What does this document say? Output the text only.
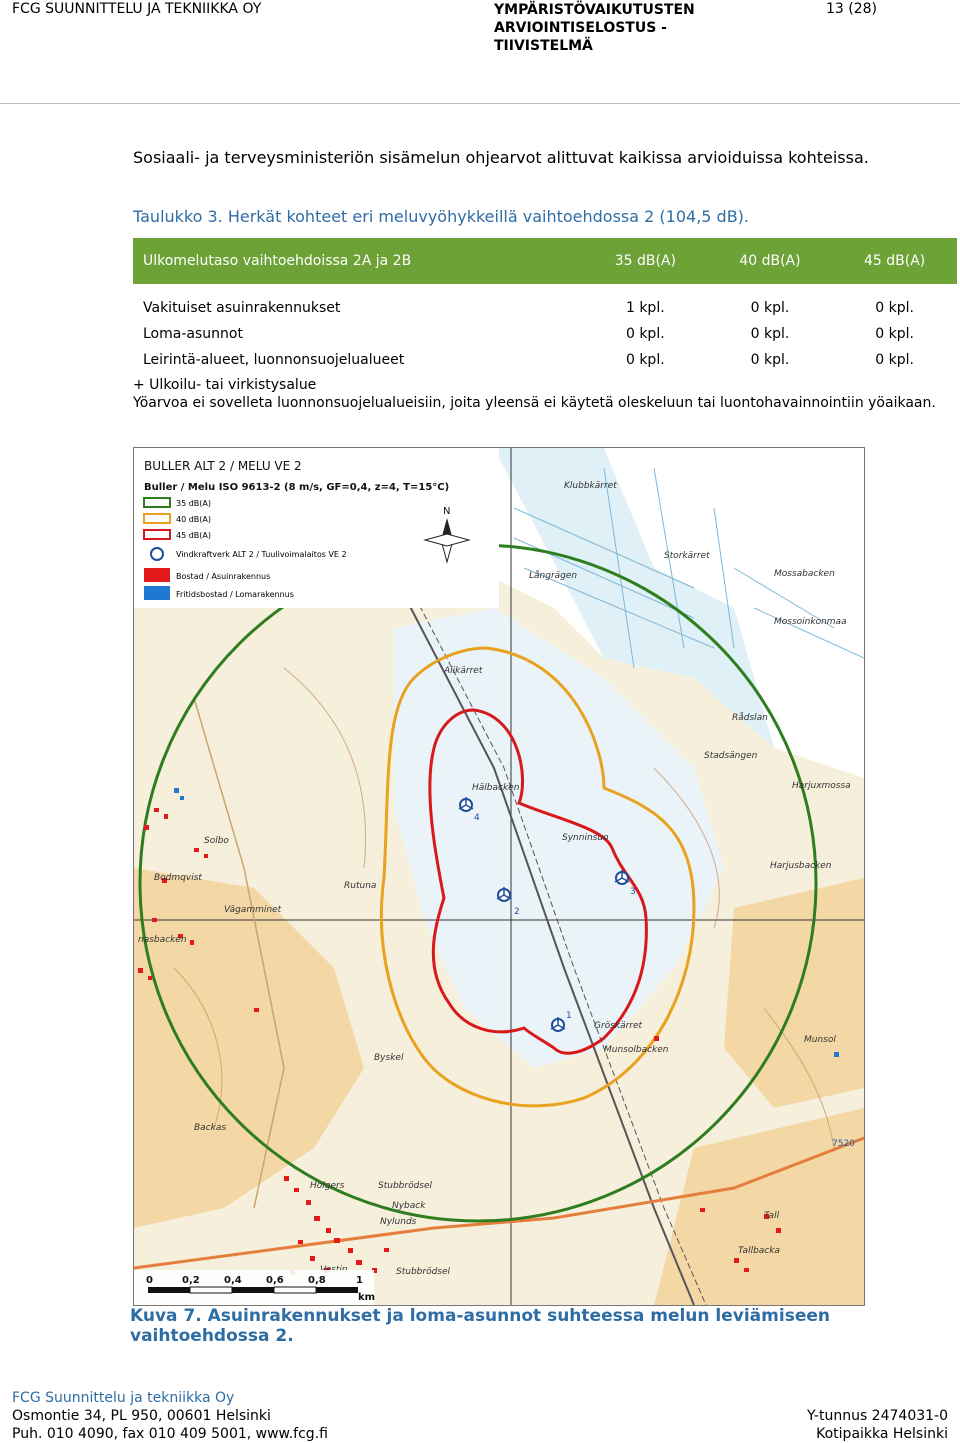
FCG SUUNNITTELU JA TEKNIIKKA OY	YMPÄRISTÖVAIKUTUSTEN
ARVIOINTISELOSTUS -
TIIVISTELMÄ
13 (28)
Sosiaali- ja terveysministeriön sisämelun ohjearvot alittuvat kaikissa arvioiduissa kohteissa.
Taulukko 3. Herkät kohteet eri meluvyöhykkeillä vaihtoehdossa 2 (104,5 dB).
Ulkomelutaso vaihtoehdoissa 2A ja 2B	35 dB(A)	40 dB(A)	45 dB(A)

Vakituiset asuinrakennukset	1 kpl.	0 kpl.	0 kpl.
Loma-asunnot	0 kpl.	0 kpl.	0 kpl.
Leirintä-alueet, luonnonsuojelualueet	0 kpl.	0 kpl.	0 kpl.
+ Ulkoilu- tai virkistysalue
Yöarvoa ei sovelleta luonnonsuojelualueisiin, joita yleensä ei käytetä oleskeluun tai luontohavainnointiin yöaikaan.
4
3
2
1
Klubbkärret
Långrägen
Storkärret
Mossabacken
Mossoinkonmaa
Alikärret
Rådslan
Stadsängen
Harjuxmossa
Hälbacken
Synninsuo
Solbo
Harjusbacken
Bodmqvist
Rutuna
Vägamminet
nasbacken
Gröskärret
Munsol
Munsolbacken
Byskel
Backas
Holgers	Stubbrödsel
Nyback
Nylunds
Stubbrödsel
Tall
Tallbacka
7520
BULLER ALT 2 / MELU VE 2
Buller / Melu ISO 9613-2 (8 m/s, GF=0,4, z=4, T=15°C)
35 dB(A)
40 dB(A)
45 dB(A)
Vindkraftverk ALT 2 / Tuulivoimalaitos VE 2
Bostad / Asuinrakennus
Fritidsbostad / Lomarakennus
N
0	0,2 0,4 0,6 0,8	1
km
Kuva 7. Asuinrakennukset ja loma-asunnot suhteessa melun leviämiseen
vaihtoehdossa 2.
FCG Suunnittelu ja tekniikka Oy
Osmontie 34, PL 950, 00601 Helsinki
Puh. 010 4090, fax 010 409 5001, www.fcg.fi
Y-tunnus 2474031-0
Kotipaikka Helsinki
